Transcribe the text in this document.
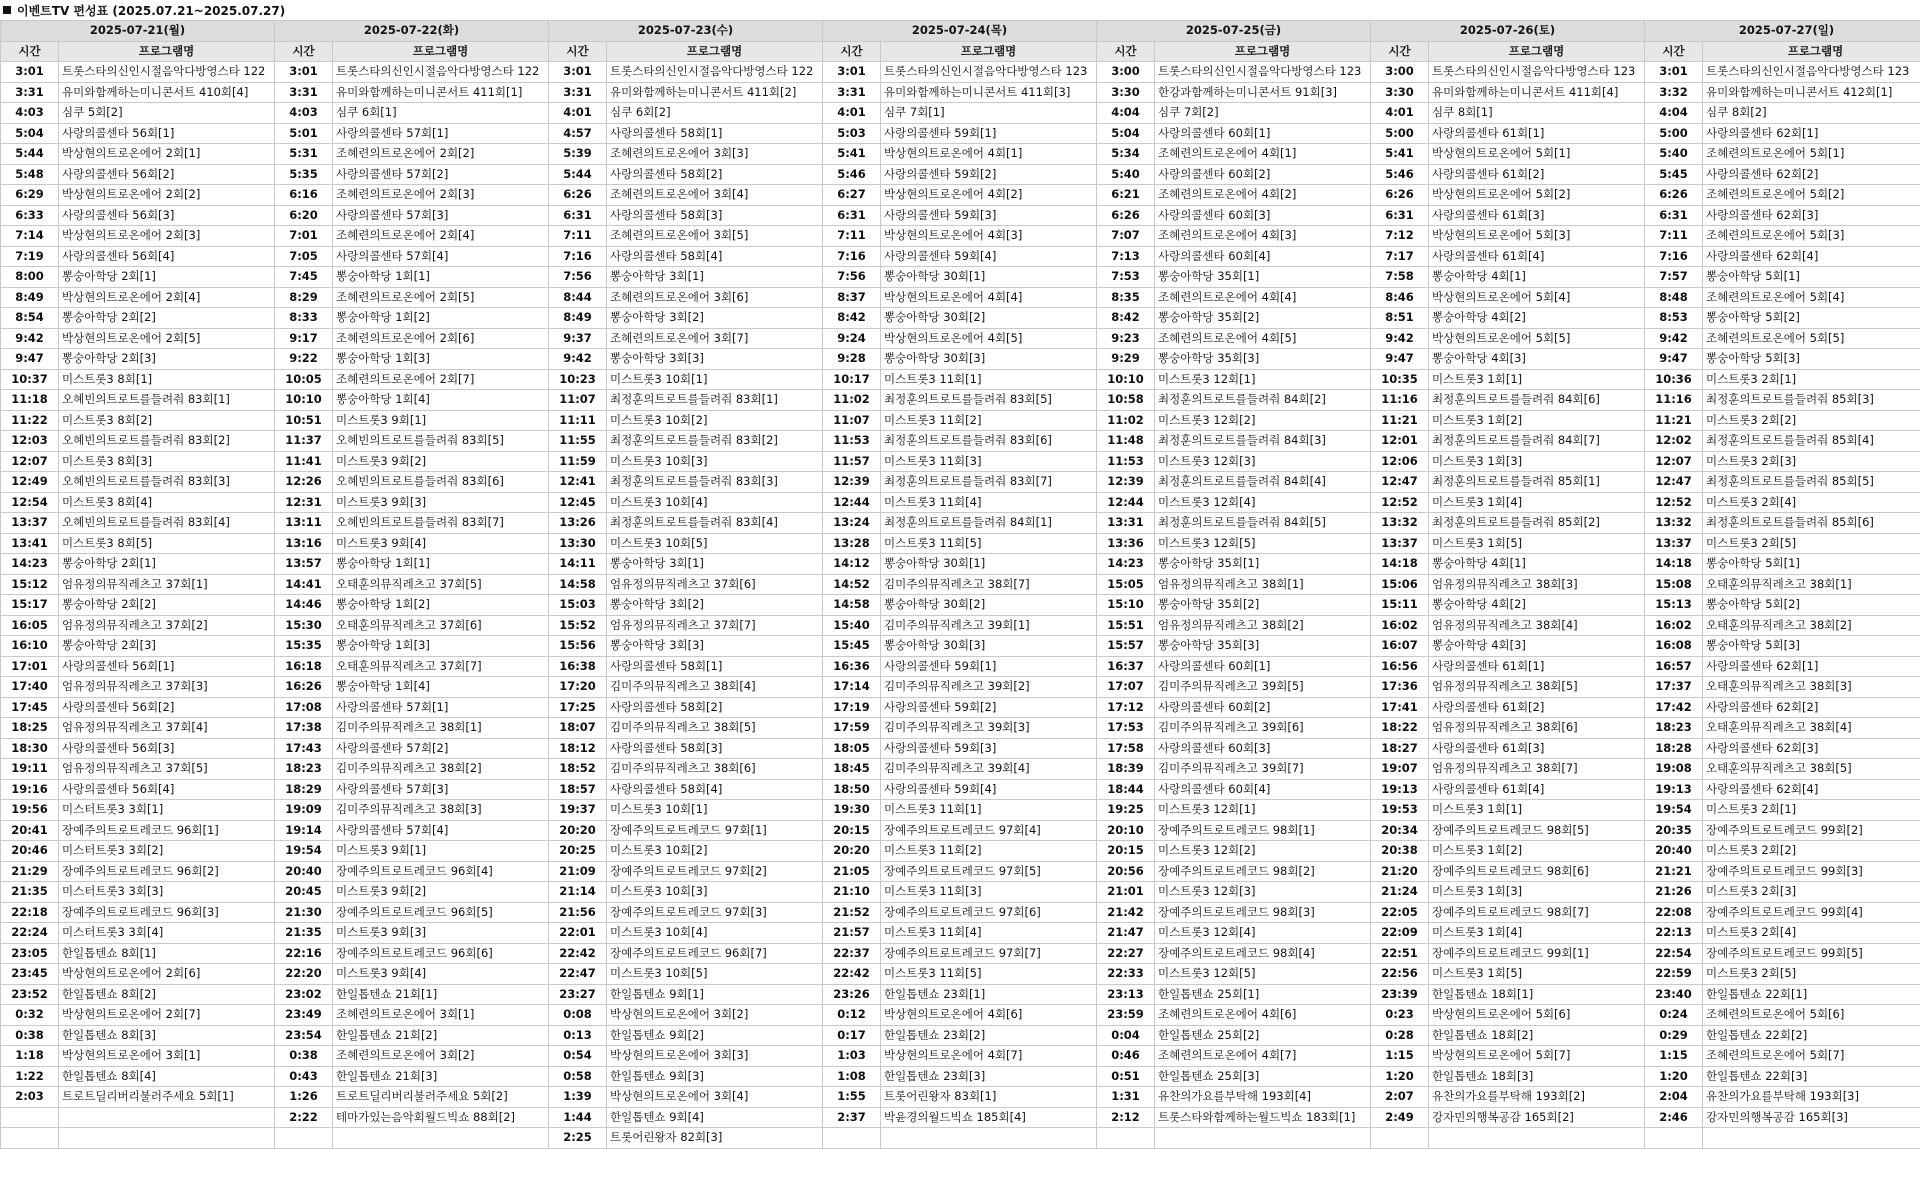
이벤트TV 편성표 (2025.07.21~2025.07.27)
2025-07-21(월)		2025-07-22(화)		2025-07-23(수)		2025-07-24(목)		2025-07-25(금)		2025-07-26(토)		2025-07-27(일)	
시간	프로그램명	시간	프로그램명	시간	프로그램명	시간	프로그램명	시간	프로그램명	시간	프로그램명	시간	프로그램명
3:01	트롯스타의신인시절음악다방영스타 122	3:01	트롯스타의신인시절음악다방영스타 122	3:01	트롯스타의신인시절음악다방영스타 122	3:01	트롯스타의신인시절음악다방영스타 123	3:00	트롯스타의신인시절음악다방영스타 123	3:00	트롯스타의신인시절음악다방영스타 123	3:01	트롯스타의신인시절음악다방영스타 123
3:31	유미와함께하는미니콘서트 410회[4]	3:31	유미와함께하는미니콘서트 411회[1]	3:31	유미와함께하는미니콘서트 411회[2]	3:31	유미와함께하는미니콘서트 411회[3]	3:30	한강과함께하는미니콘서트 91회[3]	3:30	유미와함께하는미니콘서트 411회[4]	3:32	유미와함께하는미니콘서트 412회[1]
4:03	심쿠 5회[2]	4:03	심쿠 6회[1]	4:01	심쿠 6회[2]	4:01	심쿠 7회[1]	4:04	심쿠 7회[2]	4:01	심쿠 8회[1]	4:04	심쿠 8회[2]
5:04	사랑의콜센타 56회[1]	5:01	사랑의콜센타 57회[1]	4:57	사랑의콜센타 58회[1]	5:03	사랑의콜센타 59회[1]	5:04	사랑의콜센타 60회[1]	5:00	사랑의콜센타 61회[1]	5:00	사랑의콜센타 62회[1]
5:44	박상현의트로온에어 2회[1]	5:31	조혜련의트로온에어 2회[2]	5:39	조혜련의트로온에어 3회[3]	5:41	박상현의트로온에어 4회[1]	5:34	조혜련의트로온에어 4회[1]	5:41	박상현의트로온에어 5회[1]	5:40	조혜련의트로온에어 5회[1]
5:48	사랑의콜센타 56회[2]	5:35	사랑의콜센타 57회[2]	5:44	사랑의콜센타 58회[2]	5:46	사랑의콜센타 59회[2]	5:40	사랑의콜센타 60회[2]	5:46	사랑의콜센타 61회[2]	5:45	사랑의콜센타 62회[2]
6:29	박상현의트로온에어 2회[2]	6:16	조혜련의트로온에어 2회[3]	6:26	조혜련의트로온에어 3회[4]	6:27	박상현의트로온에어 4회[2]	6:21	조혜련의트로온에어 4회[2]	6:26	박상현의트로온에어 5회[2]	6:26	조혜련의트로온에어 5회[2]
6:33	사랑의콜센타 56회[3]	6:20	사랑의콜센타 57회[3]	6:31	사랑의콜센타 58회[3]	6:31	사랑의콜센타 59회[3]	6:26	사랑의콜센타 60회[3]	6:31	사랑의콜센타 61회[3]	6:31	사랑의콜센타 62회[3]
7:14	박상현의트로온에어 2회[3]	7:01	조혜련의트로온에어 2회[4]	7:11	조혜련의트로온에어 3회[5]	7:11	박상현의트로온에어 4회[3]	7:07	조혜련의트로온에어 4회[3]	7:12	박상현의트로온에어 5회[3]	7:11	조혜련의트로온에어 5회[3]
7:19	사랑의콜센타 56회[4]	7:05	사랑의콜센타 57회[4]	7:16	사랑의콜센타 58회[4]	7:16	사랑의콜센타 59회[4]	7:13	사랑의콜센타 60회[4]	7:17	사랑의콜센타 61회[4]	7:16	사랑의콜센타 62회[4]
8:00	뽕숭아학당 2회[1]	7:45	뽕숭아학당 1회[1]	7:56	뽕숭아학당 3회[1]	7:56	뽕숭아학당 30회[1]	7:53	뽕숭아학당 35회[1]	7:58	뽕숭아학당 4회[1]	7:57	뽕숭아학당 5회[1]
8:49	박상현의트로온에어 2회[4]	8:29	조혜련의트로온에어 2회[5]	8:44	조혜련의트로온에어 3회[6]	8:37	박상현의트로온에어 4회[4]	8:35	조혜련의트로온에어 4회[4]	8:46	박상현의트로온에어 5회[4]	8:48	조혜련의트로온에어 5회[4]
8:54	뽕숭아학당 2회[2]	8:33	뽕숭아학당 1회[2]	8:49	뽕숭아학당 3회[2]	8:42	뽕숭아학당 30회[2]	8:42	뽕숭아학당 35회[2]	8:51	뽕숭아학당 4회[2]	8:53	뽕숭아학당 5회[2]
9:42	박상현의트로온에어 2회[5]	9:17	조혜련의트로온에어 2회[6]	9:37	조혜련의트로온에어 3회[7]	9:24	박상현의트로온에어 4회[5]	9:23	조혜련의트로온에어 4회[5]	9:42	박상현의트로온에어 5회[5]	9:42	조혜련의트로온에어 5회[5]
9:47	뽕숭아학당 2회[3]	9:22	뽕숭아학당 1회[3]	9:42	뽕숭아학당 3회[3]	9:28	뽕숭아학당 30회[3]	9:29	뽕숭아학당 35회[3]	9:47	뽕숭아학당 4회[3]	9:47	뽕숭아학당 5회[3]
10:37	미스트롯3 8회[1]	10:05	조혜련의트로온에어 2회[7]	10:23	미스트롯3 10회[1]	10:17	미스트롯3 11회[1]	10:10	미스트롯3 12회[1]	10:35	미스트롯3 1회[1]	10:36	미스트롯3 2회[1]
11:18	오혜빈의트로트를들려줘 83회[1]	10:10	뽕숭아학당 1회[4]	11:07	최정훈의트로트를들려줘 83회[1]	11:02	최정훈의트로트를들려줘 83회[5]	10:58	최정훈의트로트를들려줘 84회[2]	11:16	최정훈의트로트를들려줘 84회[6]	11:16	최정훈의트로트를들려줘 85회[3]
11:22	미스트롯3 8회[2]	10:51	미스트롯3 9회[1]	11:11	미스트롯3 10회[2]	11:07	미스트롯3 11회[2]	11:02	미스트롯3 12회[2]	11:21	미스트롯3 1회[2]	11:21	미스트롯3 2회[2]
12:03	오혜빈의트로트를들려줘 83회[2]	11:37	오혜빈의트로트를들려줘 83회[5]	11:55	최정훈의트로트를들려줘 83회[2]	11:53	최정훈의트로트를들려줘 83회[6]	11:48	최정훈의트로트를들려줘 84회[3]	12:01	최정훈의트로트를들려줘 84회[7]	12:02	최정훈의트로트를들려줘 85회[4]
12:07	미스트롯3 8회[3]	11:41	미스트롯3 9회[2]	11:59	미스트롯3 10회[3]	11:57	미스트롯3 11회[3]	11:53	미스트롯3 12회[3]	12:06	미스트롯3 1회[3]	12:07	미스트롯3 2회[3]
12:49	오혜빈의트로트를들려줘 83회[3]	12:26	오혜빈의트로트를들려줘 83회[6]	12:41	최정훈의트로트를들려줘 83회[3]	12:39	최정훈의트로트를들려줘 83회[7]	12:39	최정훈의트로트를들려줘 84회[4]	12:47	최정훈의트로트를들려줘 85회[1]	12:47	최정훈의트로트를들려줘 85회[5]
12:54	미스트롯3 8회[4]	12:31	미스트롯3 9회[3]	12:45	미스트롯3 10회[4]	12:44	미스트롯3 11회[4]	12:44	미스트롯3 12회[4]	12:52	미스트롯3 1회[4]	12:52	미스트롯3 2회[4]
13:37	오혜빈의트로트를들려줘 83회[4]	13:11	오혜빈의트로트를들려줘 83회[7]	13:26	최정훈의트로트를들려줘 83회[4]	13:24	최정훈의트로트를들려줘 84회[1]	13:31	최정훈의트로트를들려줘 84회[5]	13:32	최정훈의트로트를들려줘 85회[2]	13:32	최정훈의트로트를들려줘 85회[6]
13:41	미스트롯3 8회[5]	13:16	미스트롯3 9회[4]	13:30	미스트롯3 10회[5]	13:28	미스트롯3 11회[5]	13:36	미스트롯3 12회[5]	13:37	미스트롯3 1회[5]	13:37	미스트롯3 2회[5]
14:23	뽕숭아학당 2회[1]	13:57	뽕숭아학당 1회[1]	14:11	뽕숭아학당 3회[1]	14:12	뽕숭아학당 30회[1]	14:23	뽕숭아학당 35회[1]	14:18	뽕숭아학당 4회[1]	14:18	뽕숭아학당 5회[1]
15:12	엄유정의뮤직레츠고 37회[1]	14:41	오태훈의뮤직레츠고 37회[5]	14:58	엄유정의뮤직레츠고 37회[6]	14:52	김미주의뮤직레츠고 38회[7]	15:05	엄유정의뮤직레츠고 38회[1]	15:06	엄유정의뮤직레츠고 38회[3]	15:08	오태훈의뮤직레츠고 38회[1]
15:17	뽕숭아학당 2회[2]	14:46	뽕숭아학당 1회[2]	15:03	뽕숭아학당 3회[2]	14:58	뽕숭아학당 30회[2]	15:10	뽕숭아학당 35회[2]	15:11	뽕숭아학당 4회[2]	15:13	뽕숭아학당 5회[2]
16:05	엄유정의뮤직레츠고 37회[2]	15:30	오태훈의뮤직레츠고 37회[6]	15:52	엄유정의뮤직레츠고 37회[7]	15:40	김미주의뮤직레츠고 39회[1]	15:51	엄유정의뮤직레츠고 38회[2]	16:02	엄유정의뮤직레츠고 38회[4]	16:02	오태훈의뮤직레츠고 38회[2]
16:10	뽕숭아학당 2회[3]	15:35	뽕숭아학당 1회[3]	15:56	뽕숭아학당 3회[3]	15:45	뽕숭아학당 30회[3]	15:57	뽕숭아학당 35회[3]	16:07	뽕숭아학당 4회[3]	16:08	뽕숭아학당 5회[3]
17:01	사랑의콜센타 56회[1]	16:18	오태훈의뮤직레츠고 37회[7]	16:38	사랑의콜센타 58회[1]	16:36	사랑의콜센타 59회[1]	16:37	사랑의콜센타 60회[1]	16:56	사랑의콜센타 61회[1]	16:57	사랑의콜센타 62회[1]
17:40	엄유정의뮤직레츠고 37회[3]	16:26	뽕숭아학당 1회[4]	17:20	김미주의뮤직레츠고 38회[4]	17:14	김미주의뮤직레츠고 39회[2]	17:07	김미주의뮤직레츠고 39회[5]	17:36	엄유정의뮤직레츠고 38회[5]	17:37	오태훈의뮤직레츠고 38회[3]
17:45	사랑의콜센타 56회[2]	17:08	사랑의콜센타 57회[1]	17:25	사랑의콜센타 58회[2]	17:19	사랑의콜센타 59회[2]	17:12	사랑의콜센타 60회[2]	17:41	사랑의콜센타 61회[2]	17:42	사랑의콜센타 62회[2]
18:25	엄유정의뮤직레츠고 37회[4]	17:38	김미주의뮤직레츠고 38회[1]	18:07	김미주의뮤직레츠고 38회[5]	17:59	김미주의뮤직레츠고 39회[3]	17:53	김미주의뮤직레츠고 39회[6]	18:22	엄유정의뮤직레츠고 38회[6]	18:23	오태훈의뮤직레츠고 38회[4]
18:30	사랑의콜센타 56회[3]	17:43	사랑의콜센타 57회[2]	18:12	사랑의콜센타 58회[3]	18:05	사랑의콜센타 59회[3]	17:58	사랑의콜센타 60회[3]	18:27	사랑의콜센타 61회[3]	18:28	사랑의콜센타 62회[3]
19:11	엄유정의뮤직레츠고 37회[5]	18:23	김미주의뮤직레츠고 38회[2]	18:52	김미주의뮤직레츠고 38회[6]	18:45	김미주의뮤직레츠고 39회[4]	18:39	김미주의뮤직레츠고 39회[7]	19:07	엄유정의뮤직레츠고 38회[7]	19:08	오태훈의뮤직레츠고 38회[5]
19:16	사랑의콜센타 56회[4]	18:29	사랑의콜센타 57회[3]	18:57	사랑의콜센타 58회[4]	18:50	사랑의콜센타 59회[4]	18:44	사랑의콜센타 60회[4]	19:13	사랑의콜센타 61회[4]	19:13	사랑의콜센타 62회[4]
19:56	미스터트롯3 3회[1]	19:09	김미주의뮤직레츠고 38회[3]	19:37	미스트롯3 10회[1]	19:30	미스트롯3 11회[1]	19:25	미스트롯3 12회[1]	19:53	미스트롯3 1회[1]	19:54	미스트롯3 2회[1]
20:41	장예주의트로트레코드 96회[1]	19:14	사랑의콜센타 57회[4]	20:20	장예주의트로트레코드 97회[1]	20:15	장예주의트로트레코드 97회[4]	20:10	장예주의트로트레코드 98회[1]	20:34	장예주의트로트레코드 98회[5]	20:35	장예주의트로트레코드 99회[2]
20:46	미스터트롯3 3회[2]	19:54	미스트롯3 9회[1]	20:25	미스트롯3 10회[2]	20:20	미스트롯3 11회[2]	20:15	미스트롯3 12회[2]	20:38	미스트롯3 1회[2]	20:40	미스트롯3 2회[2]
21:29	장예주의트로트레코드 96회[2]	20:40	장예주의트로트레코드 96회[4]	21:09	장예주의트로트레코드 97회[2]	21:05	장예주의트로트레코드 97회[5]	20:56	장예주의트로트레코드 98회[2]	21:20	장예주의트로트레코드 98회[6]	21:21	장예주의트로트레코드 99회[3]
21:35	미스터트롯3 3회[3]	20:45	미스트롯3 9회[2]	21:14	미스트롯3 10회[3]	21:10	미스트롯3 11회[3]	21:01	미스트롯3 12회[3]	21:24	미스트롯3 1회[3]	21:26	미스트롯3 2회[3]
22:18	장예주의트로트레코드 96회[3]	21:30	장예주의트로트레코드 96회[5]	21:56	장예주의트로트레코드 97회[3]	21:52	장예주의트로트레코드 97회[6]	21:42	장예주의트로트레코드 98회[3]	22:05	장예주의트로트레코드 98회[7]	22:08	장예주의트로트레코드 99회[4]
22:24	미스터트롯3 3회[4]	21:35	미스트롯3 9회[3]	22:01	미스트롯3 10회[4]	21:57	미스트롯3 11회[4]	21:47	미스트롯3 12회[4]	22:09	미스트롯3 1회[4]	22:13	미스트롯3 2회[4]
23:05	한일톱텐쇼 8회[1]	22:16	장예주의트로트레코드 96회[6]	22:42	장예주의트로트레코드 96회[7]	22:37	장예주의트로트레코드 97회[7]	22:27	장예주의트로트레코드 98회[4]	22:51	장예주의트로트레코드 99회[1]	22:54	장예주의트로트레코드 99회[5]
23:45	박상현의트로온에어 2회[6]	22:20	미스트롯3 9회[4]	22:47	미스트롯3 10회[5]	22:42	미스트롯3 11회[5]	22:33	미스트롯3 12회[5]	22:56	미스트롯3 1회[5]	22:59	미스트롯3 2회[5]
23:52	한일톱텐쇼 8회[2]	23:02	한일톱텐쇼 21회[1]	23:27	한일톱텐쇼 9회[1]	23:26	한일톱텐쇼 23회[1]	23:13	한일톱텐쇼 25회[1]	23:39	한일톱텐쇼 18회[1]	23:40	한일톱텐쇼 22회[1]
0:32	박상현의트로온에어 2회[7]	23:49	조혜련의트로온에어 3회[1]	0:08	박상현의트로온에어 3회[2]	0:12	박상현의트로온에어 4회[6]	23:59	조혜련의트로온에어 4회[6]	0:23	박상현의트로온에어 5회[6]	0:24	조혜련의트로온에어 5회[6]
0:38	한일톱텐쇼 8회[3]	23:54	한일톱텐쇼 21회[2]	0:13	한일톱텐쇼 9회[2]	0:17	한일톱텐쇼 23회[2]	0:04	한일톱텐쇼 25회[2]	0:28	한일톱텐쇼 18회[2]	0:29	한일톱텐쇼 22회[2]
1:18	박상현의트로온에어 3회[1]	0:38	조혜련의트로온에어 3회[2]	0:54	박상현의트로온에어 3회[3]	1:03	박상현의트로온에어 4회[7]	0:46	조혜련의트로온에어 4회[7]	1:15	박상현의트로온에어 5회[7]	1:15	조혜련의트로온에어 5회[7]
1:22	한일톱텐쇼 8회[4]	0:43	한일톱텐쇼 21회[3]	0:58	한일톱텐쇼 9회[3]	1:08	한일톱텐쇼 23회[3]	0:51	한일톱텐쇼 25회[3]	1:20	한일톱텐쇼 18회[3]	1:20	한일톱텐쇼 22회[3]
2:03	트로트딜리버리불러주세요 5회[1]	1:26	트로트딜리버리불러주세요 5회[2]	1:39	박상현의트로온에어 3회[4]	1:55	트롯어린왕자 83회[1]	1:31	유찬의가요를부탁해 193회[4]	2:07	유찬의가요를부탁해 193회[2]	2:04	유찬의가요를부탁해 193회[3]
		2:22	테마가있는음악회월드빅쇼 88회[2]	1:44	한일톱텐쇼 9회[4]	2:37	박윤경의월드빅쇼 185회[4]	2:12	트롯스타와함께하는월드빅쇼 183회[1]	2:49	강자민의행복공감 165회[2]	2:46	강자민의행복공감 165회[3]
				2:25	트롯어린왕자 82회[3]								
